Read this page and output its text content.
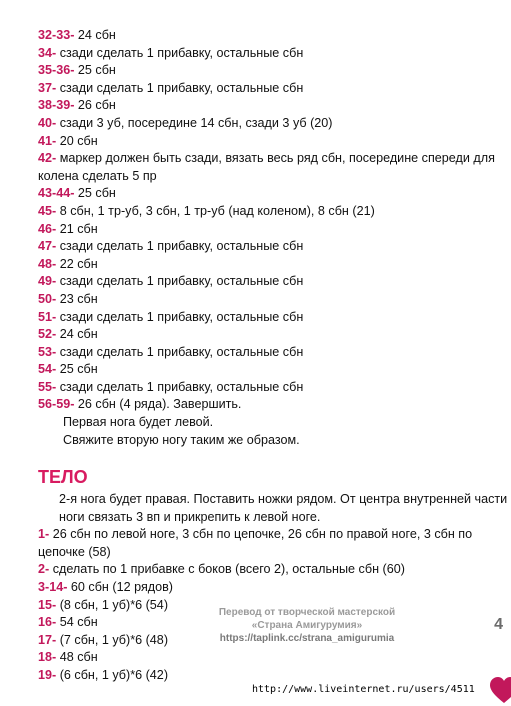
32-33- 24 сбн
34- сзади сделать 1 прибавку, остальные сбн
35-36- 25 сбн
37- сзади сделать 1 прибавку, остальные сбн
38-39- 26 сбн
40- сзади 3 уб, посередине 14 сбн, сзади 3 уб (20)
41- 20 сбн
42- маркер должен быть сзади, вязать весь ряд сбн, посередине спереди для колена сделать 5 пр
43-44- 25 сбн
45- 8 сбн, 1 тр-уб, 3 сбн, 1 тр-уб (над коленом), 8 сбн (21)
46- 21 сбн
47- сзади сделать 1 прибавку, остальные сбн
48- 22 сбн
49- сзади сделать 1 прибавку, остальные сбн
50- 23 сбн
51- сзади сделать 1 прибавку, остальные сбн
52- 24 сбн
53- сзади сделать 1 прибавку, остальные сбн
54- 25 сбн
55- сзади сделать 1 прибавку, остальные сбн
56-59- 26 сбн (4 ряда). Завершить.
Первая нога будет левой.
Свяжите вторую ногу таким же образом.
ТЕЛО
2-я нога будет правая. Поставить ножки рядом. От центра внутренней части ноги связать 3 вп и прикрепить к левой ноге.
1- 26 сбн по левой ноге, 3 сбн по цепочке, 26 сбн по правой ноге, 3 сбн по цепочке (58)
2- сделать по 1 прибавке с боков (всего 2), остальные сбн (60)
3-14- 60 сбн (12 рядов)
15- (8 сбн, 1 уб)*6 (54)
16- 54 сбн
17- (7 сбн, 1 уб)*6 (48)
18- 48 сбн
19- (6 сбн, 1 уб)*6 (42)
Перевод от творческой мастерской
«Страна Амигурумия»
https://taplink.cc/strana_amigurumia
4
http://www.liveinternet.ru/users/4511
